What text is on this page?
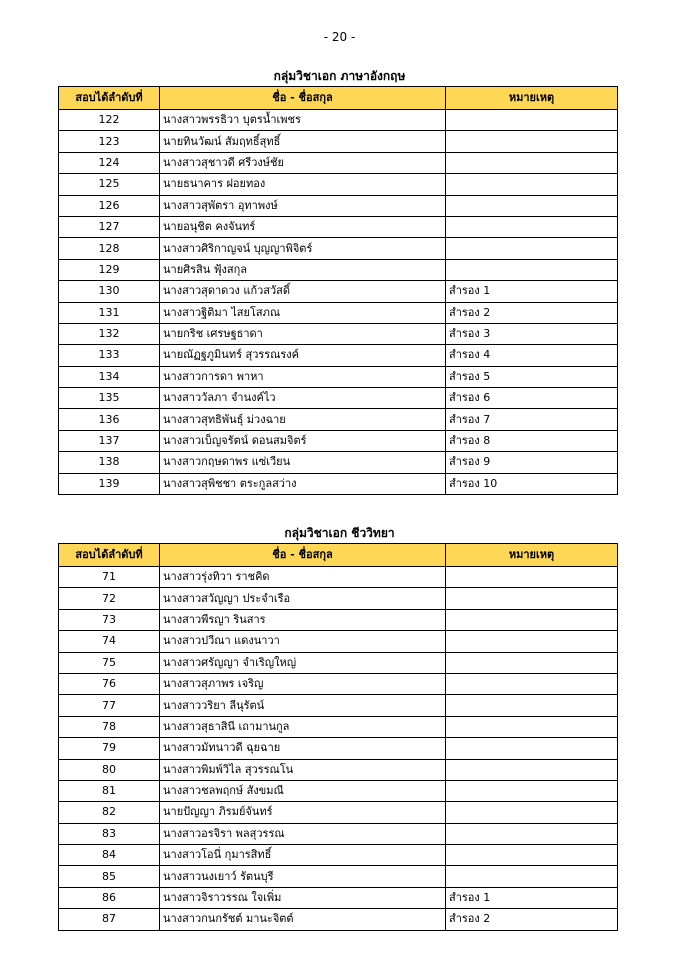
- 20 -
กลุ่มวิชาเอก ภาษาอังกฤษ
สอบได้ลำดับที่	ชื่อ - ชื่อสกุล	หมายเหตุ
122	นางสาวพรรธิวา บุตรน้ำเพชร	
123	นายทินวัฒน์ สัมฤทธิ์สุทธิ์	
124	นางสาวสุชาวดี ศรีวงษ์ชัย	
125	นายธนาคาร ฝอยทอง	
126	นางสาวสุพัตรา อุทาพงษ์	
127	นายอนุชิต คงจันทร์	
128	นางสาวศิริกาญจน์ บุญญาพิจิตร์	
129	นายศิรสิน ฟุ้งสกุล	
130	นางสาวสุดาดวง แก้วสวัสดิ์	สำรอง 1
131	นางสาวฐิติมา ไสยโสภณ	สำรอง 2
132	นายกริช เศรษฐธาดา	สำรอง 3
133	นายณัฏฐภูมินทร์ สุวรรณรงค์	สำรอง 4
134	นางสาวการดา พาหา	สำรอง 5
135	นางสาววัลภา จำนงค์ไว	สำรอง 6
136	นางสาวสุทธิพันธุ์ ม่วงฉาย	สำรอง 7
137	นางสาวเบ็ญจรัตน์ ดอนสมจิตร์	สำรอง 8
138	นางสาวกฤษดาพร แซ่เวียน	สำรอง 9
139	นางสาวสุพิชชา ตระกูลสว่าง	สำรอง 10
กลุ่มวิชาเอก ชีววิทยา
สอบได้ลำดับที่	ชื่อ - ชื่อสกุล	หมายเหตุ
71	นางสาวรุ่งทิวา ราชคิด	
72	นางสาวสวัญญา ประจำเรือ	
73	นางสาวพีรญา รินสาร	
74	นางสาวปวีณา แดงนาวา	
75	นางสาวศรัญญา จำเริญใหญ่	
76	นางสาวสุภาพร เจริญ	
77	นางสาววริยา ลีนุรัตน์	
78	นางสาวสุธาสินี เถามานกูล	
79	นางสาวมัทนาวดี ฉุยฉาย	
80	นางสาวพิมพ์วิไล สุวรรณโน	
81	นางสาวชลพฤกษ์ สังขมณี	
82	นายปัญญา ภิรมย์จันทร์	
83	นางสาวอรจิรา พลสุวรรณ	
84	นางสาวโอนี่ กุมารสิทธิ์	
85	นางสาวนงเยาว์ รัตนบุรี	
86	นางสาวจิราวรรณ ใจเพิ่ม	สำรอง 1
87	นางสาวกนกรัชต์ มานะจิตต์	สำรอง 2
